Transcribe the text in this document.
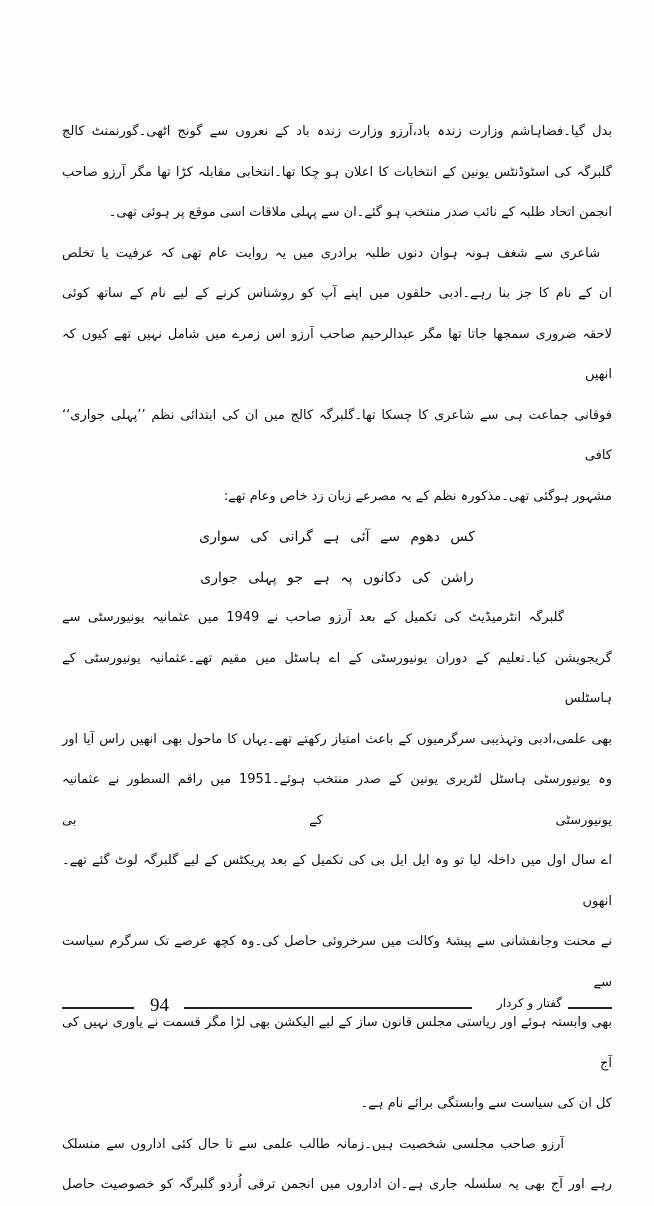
بدل گیا۔فضاہاشم وزارت زندہ باد،آرزو وزارت زندہ باد کے نعروں سے گونج اٹھی۔گورنمنٹ کالج
گلبرگہ کی اسٹوڈنٹس یونین کے انتخابات کا اعلان ہو چکا تھا۔انتخابی مقابلہ کڑا تھا مگر آرزو صاحب
انجمن اتحاد طلبہ کے نائب صدر منتخب ہو گئے۔ان سے پہلی ملاقات اسی موقع پر ہوئی تھی۔
شاعری سے شغف ہونہ ہوان دنوں طلبہ برادری میں یہ روایت عام تھی کہ عرفیت یا تخلص
ان کے نام کا جز بنا رہے۔ادبی حلقوں میں اپنے آپ کو روشناس کرنے کے لیے نام کے ساتھ کوئی
لاحقہ ضروری سمجھا جاتا تھا مگر عبدالرحیم صاحب آرزو اس زمرے میں شامل نہیں تھے کیوں کہ انھیں
فوقانی جماعت ہی سے شاعری کا چسکا تھا۔گلبرگہ کالج میں ان کی ابتدائی نظم ’’پہلی جواری‘‘ کافی
مشہور ہوگئی تھی۔مذکورہ نظم کے یہ مصرعے زبان زد خاص وعام تھے:
کس دھوم سے آئی ہے گرانی کی سواری
راشن کی دکانوں پہ ہے جو پہلی جواری
گلبرگہ انٹرمیڈیٹ کی تکمیل کے بعد آرزو صاحب نے 1949 میں عثمانیہ یونیورسٹی سے
گریجویشن کیا۔تعلیم کے دوران یونیورسٹی کے اے ہاسٹل میں مقیم تھے۔عثمانیہ یونیورسٹی کے ہاسٹلس
بھی علمی،ادبی وتہذیبی سرگرمیوں کے باعث امتیاز رکھتے تھے۔یہاں کا ماحول بھی انھیں راس آیا اور
وہ یونیورسٹی ہاسٹل لٹریری یونین کے صدر منتخب ہوئے۔1951 میں راقم السطور نے عثمانیہ یونیورسٹی کے بی
اے سال اول میں داخلہ لیا تو وہ ایل ایل بی کی تکمیل کے بعد پریکٹس کے لیے گلبرگہ لوٹ گئے تھے۔انھوں
نے محنت وجانفشانی سے پیشۂ وکالت میں سرخروئی حاصل کی۔وہ کچھ عرصے تک سرگرم سیاست سے
بھی وابستہ ہوئے اور ریاستی مجلس قانون ساز کے لیے الیکشن بھی لڑا مگر قسمت نے یاوری نہیں کی آج
کل ان کی سیاست سے وابستگی برائے نام ہے۔
آرزو صاحب مجلسی شخصیت ہیں۔زمانہ طالب علمی سے تا حال کئی اداروں سے منسلک
رہے اور آج بھی یہ سلسلہ جاری ہے۔ان اداروں میں انجمن ترقی اُردو گلبرگہ کو خصوصیت حاصل
94	گفتار و کردار
